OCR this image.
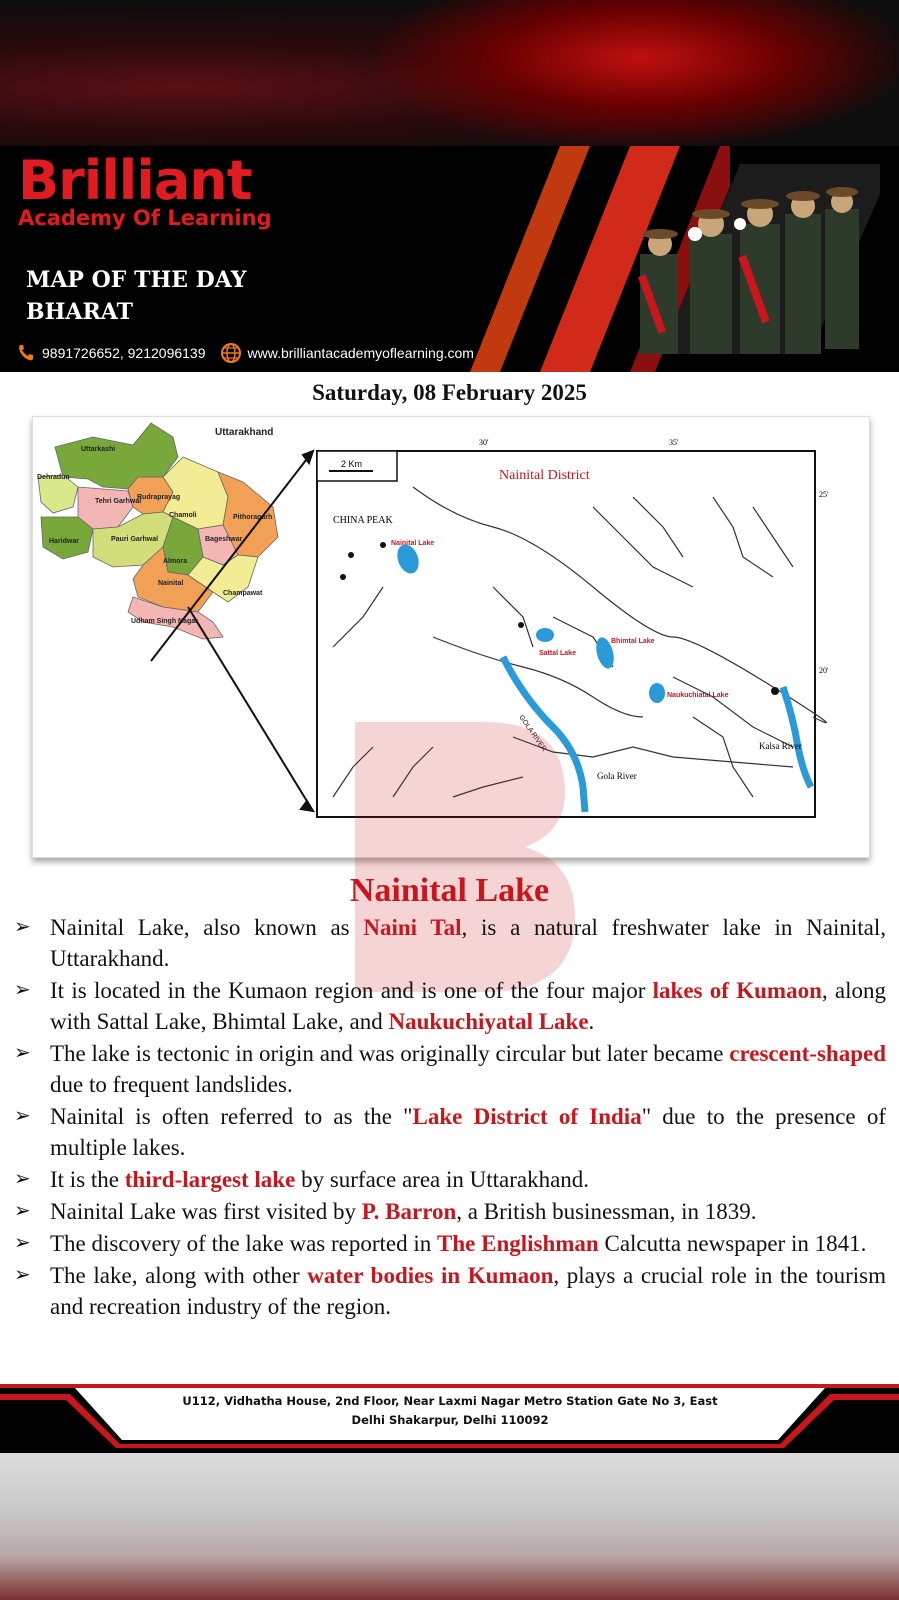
Brilliant
Academy Of Learning
MAP OF THE DAY
BHARAT
9891726652, 9212096139	www.brilliantacademyoflearning.com
Saturday, 08 February 2025
Uttarakhand
Uttarkashi
Dehradun
Tehri Garhwal
Rudraprayag
Chamoli	Pithoragarh
Haridwar	Pauri Garhwal	Bageshwar
Almora
Nainital
Champawat
Udham Singh Nagar
2 Km
Nainital District
CHINA PEAK
30'	35'
25'
20'
Nainital Lake
Sattal Lake
Bhimtal Lake
Naukuchiatal Lake
Gola River
Kalsa River
Nainital Lake
➢ Nainital Lake, also known as Naini Tal, is a natural freshwater lake in Nainital, Uttarakhand.
➢ It is located in the Kumaon region and is one of the four major lakes of Kumaon, along with Sattal Lake, Bhimtal Lake, and Naukuchiyatal Lake.
➢ The lake is tectonic in origin and was originally circular but later became crescent-shaped due to frequent landslides.
➢ Nainital is often referred to as the "Lake District of India" due to the presence of multiple lakes.
➢ It is the third-largest lake by surface area in Uttarakhand.
➢ Nainital Lake was first visited by P. Barron, a British businessman, in 1839.
➢ The discovery of the lake was reported in The Englishman Calcutta newspaper in 1841.
➢ The lake, along with other water bodies in Kumaon, plays a crucial role in the tourism and recreation industry of the region.
U112, Vidhatha House, 2nd Floor, Near Laxmi Nagar Metro Station Gate No 3, East
Delhi Shakarpur, Delhi 110092
